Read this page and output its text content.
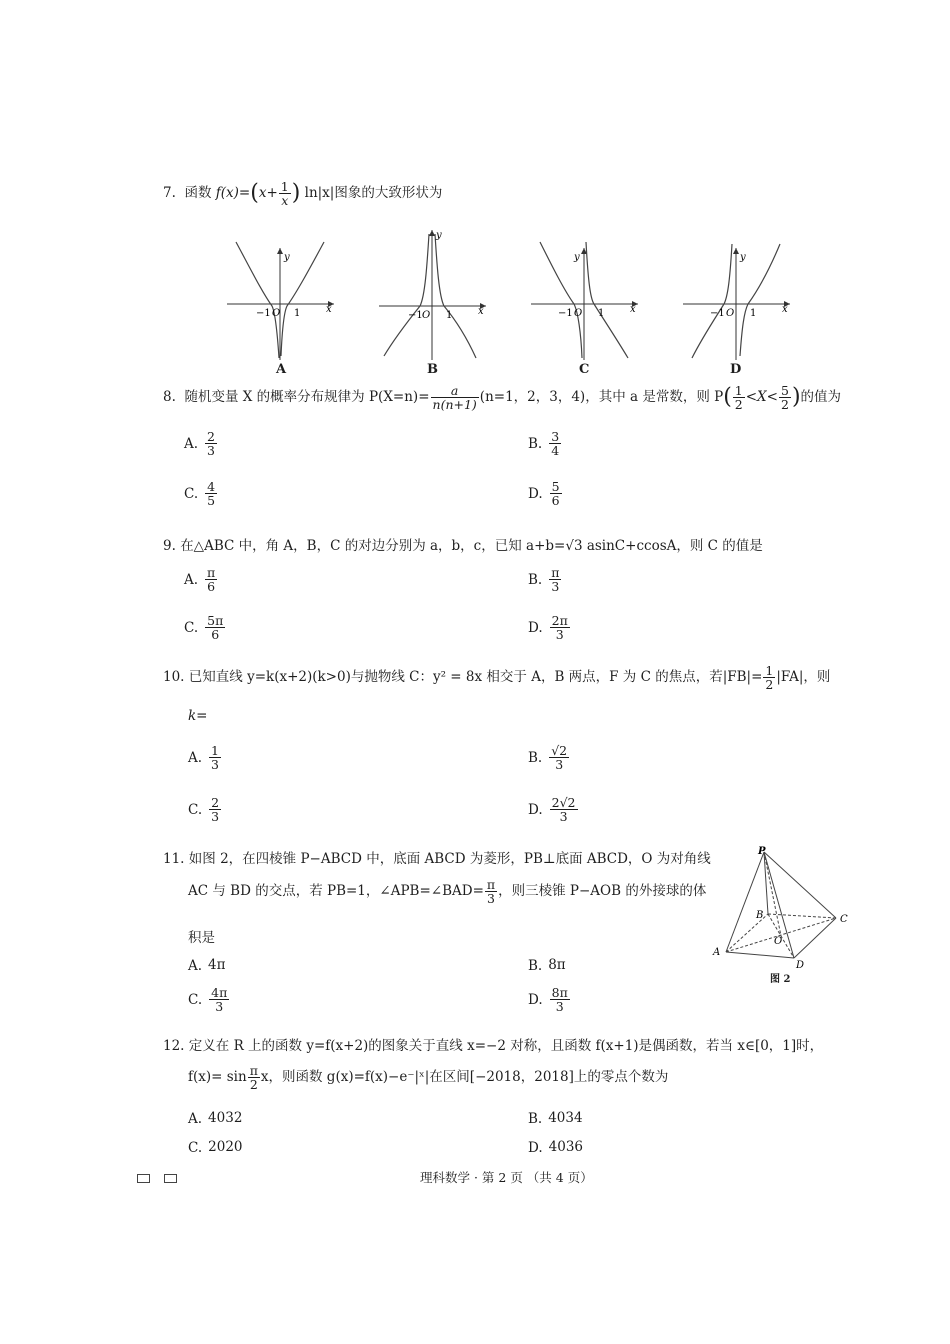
7. 函数 $f(x)=(x+ \frac{1}{x}$ ) ln|x|图象的大致形状为
y
x
−1 O 1
A
y
x
−1 O 1
B
y
x
−1 O 1
C
y
x
−1 O 1
D
8. 随机变量 X 的概率分布规律为 $P(X=n)= \frac{a}{n(n+1)} (n=1$，2，3，4)，其中 a 是常数，则 $P( \frac{1}{2} <X< \frac{5}{2}$ )的值为
A. $\frac{2}{3}$	B. $\frac{3}{4}$
C. $\frac{4}{5}$	D. $\frac{5}{6}$
9. 在△ABC 中，角 A，B，C 的对边分别为 a，b，c，已知 a+b=√3 asinC+ccosA，则 C 的值是
A. $\frac{\pi}{6}$	B. $\frac{\pi}{3}$
C. $\frac{5\pi}{6}$	D. $\frac{2\pi}{3}$
10. 已知直线 y=k(x+2)(k>0)与抛物线 C：y² = 8x 相交于 A，B 两点，F 为 C 的焦点，若$|FB|= \frac{1}{2} |FA|$，则
k=
A. $\frac{1}{3}$	B. $\frac{√2}{3}$
C. $\frac{2}{3}$	D. $\frac{2√2}{3}$
11. 如图 2，在四棱锥 P−ABCD 中，底面 ABCD 为菱形，PB⊥底面 ABCD，O 为对角线
AC 与 BD 的交点，若 PB=1，∠APB=∠BAD= $\frac{\pi}{3}$ ，则三棱锥 P−AOB 的外接球的体
积是
P
B	C
O
A
D
图 2
A. 4π	B. 8π
C. $\frac{4\pi}{3}$	D. $\frac{8\pi}{3}$
12. 定义在 R 上的函数 y=f(x+2)的图象关于直线 x=−2 对称，且函数 f(x+1)是偶函数，若当 x∈[0，1]时，
$f(x)= \sin \frac{\pi}{2}$ x，则函数 g(x)=f(x)−e⁻|ˣ|在区间[−2018，2018]上的零点个数为
A. 4032	B. 4034
C. 2020	D. 4036
理科数学 · 第 2 页 （共 4 页）
